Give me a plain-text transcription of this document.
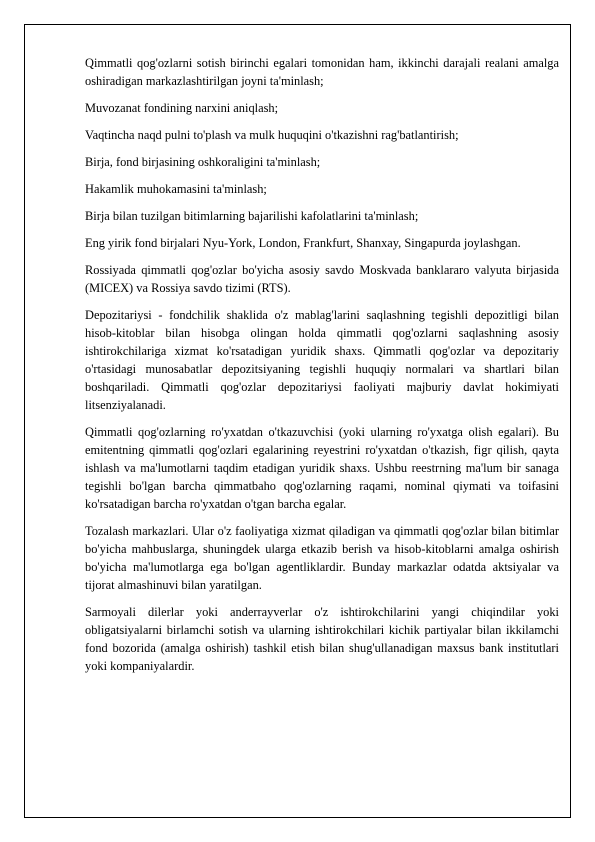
Qimmatli qog'ozlarni sotish birinchi egalari tomonidan ham, ikkinchi darajali realani amalga oshiradigan markazlashtirilgan joyni ta'minlash;

Muvozanat fondining narxini aniqlash;

Vaqtincha naqd pulni to'plash va mulk huquqini o'tkazishni rag'batlantirish;

Birja, fond birjasining oshkoraligini ta'minlash;

Hakamlik muhokamasini ta'minlash;

Birja bilan tuzilgan bitimlarning bajarilishi kafolatlarini ta'minlash;

Eng yirik fond birjalari Nyu-York, London, Frankfurt, Shanxay, Singapurda joylashgan.

Rossiyada qimmatli qog'ozlar bo'yicha asosiy savdo Moskvada banklararo valyuta birjasida (MICEX) va Rossiya savdo tizimi (RTS).

Depozitariysi - fondchilik shaklida o'z mablag'larini saqlashning tegishli depozitligi bilan hisob-kitoblar bilan hisobga olingan holda qimmatli qog'ozlarni saqlashning asosiy ishtirokchilariga xizmat ko'rsatadigan yuridik shaxs. Qimmatli qog'ozlar va depozitariy o'rtasidagi munosabatlar depozitsiyaning tegishli huquqiy normalari va shartlari bilan boshqariladi. Qimmatli qog'ozlar depozitariysi faoliyati majburiy davlat hokimiyati litsenziyalanadi.

Qimmatli qog'ozlarning ro'yxatdan o'tkazuvchisi (yoki ularning ro'yxatga olish egalari). Bu emitentning qimmatli qog'ozlari egalarining reyestrini ro'yxatdan o'tkazish, figr qilish, qayta ishlash va ma'lumotlarni taqdim etadigan yuridik shaxs. Ushbu reestrning ma'lum bir sanaga tegishli bo'lgan barcha qimmatbaho qog'ozlarning raqami, nominal qiymati va toifasini ko'rsatadigan barcha ro'yxatdan o'tgan barcha egalar.

Tozalash markazlari. Ular o'z faoliyatiga xizmat qiladigan va qimmatli qog'ozlar bilan bitimlar bo'yicha mahbuslarga, shuningdek ularga etkazib berish va hisob-kitoblarni amalga oshirish bo'yicha ma'lumotlarga ega bo'lgan agentliklardir. Bunday markazlar odatda aktsiyalar va tijorat almashinuvi bilan yaratilgan.

Sarmoyali dilerlar yoki anderrayverlar o'z ishtirokchilarini yangi chiqindilar yoki obligatsiyalarni birlamchi sotish va ularning ishtirokchilari kichik partiyalar bilan ikkilamchi fond bozorida (amalga oshirish) tashkil etish bilan shug'ullanadigan maxsus bank institutlari yoki kompaniyalardir.
